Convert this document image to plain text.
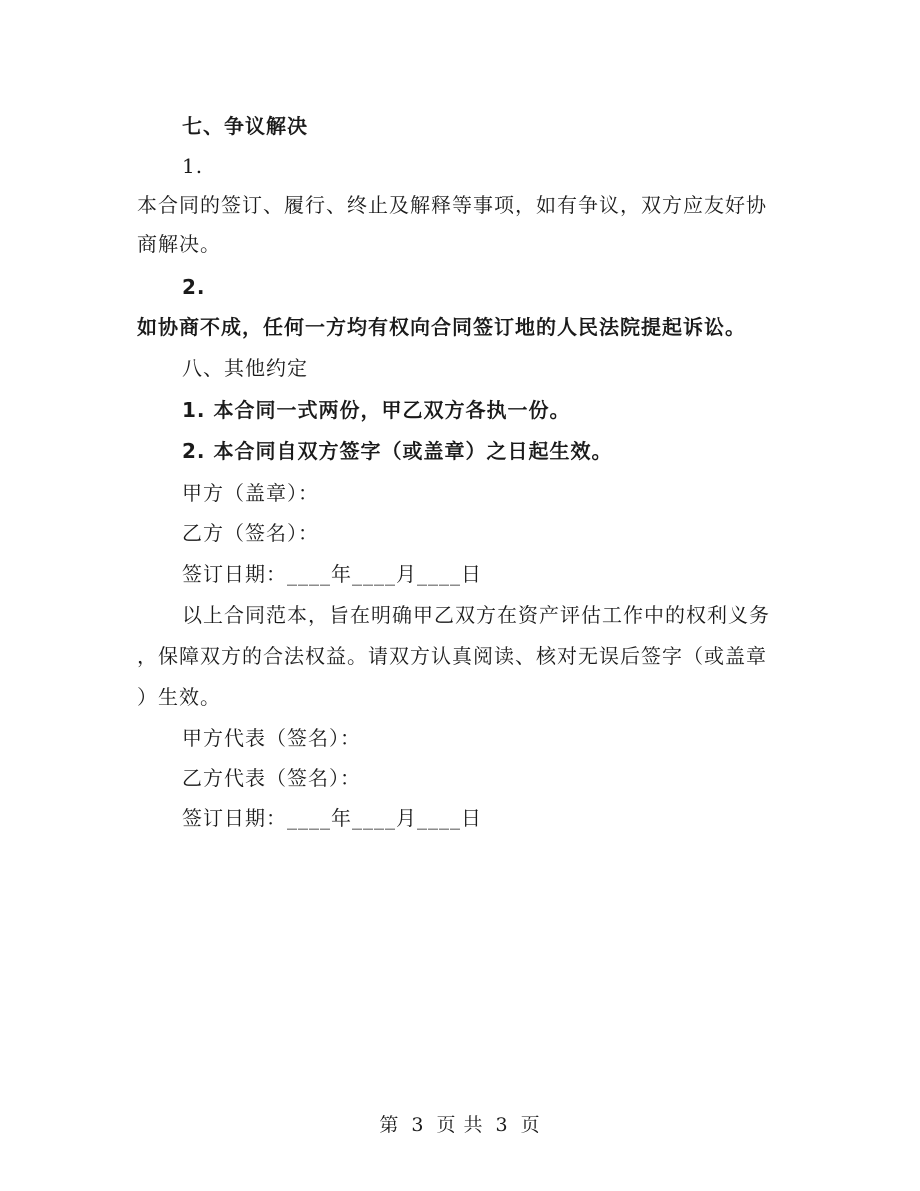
七、争议解决
1.
本合同的签订、履行、终止及解释等事项，如有争议，双方应友好协
商解决。
2.
如协商不成，任何一方均有权向合同签订地的人民法院提起诉讼。
八、其他约定
1. 本合同一式两份，甲乙双方各执一份。
2. 本合同自双方签字（或盖章）之日起生效。
甲方（盖章）：
乙方（签名）：
签订日期：____年____月____日
以上合同范本，旨在明确甲乙双方在资产评估工作中的权利义务
，保障双方的合法权益。请双方认真阅读、核对无误后签字（或盖章
）生效。
甲方代表（签名）：
乙方代表（签名）：
签订日期：____年____月____日
第 3 页 共 3 页
